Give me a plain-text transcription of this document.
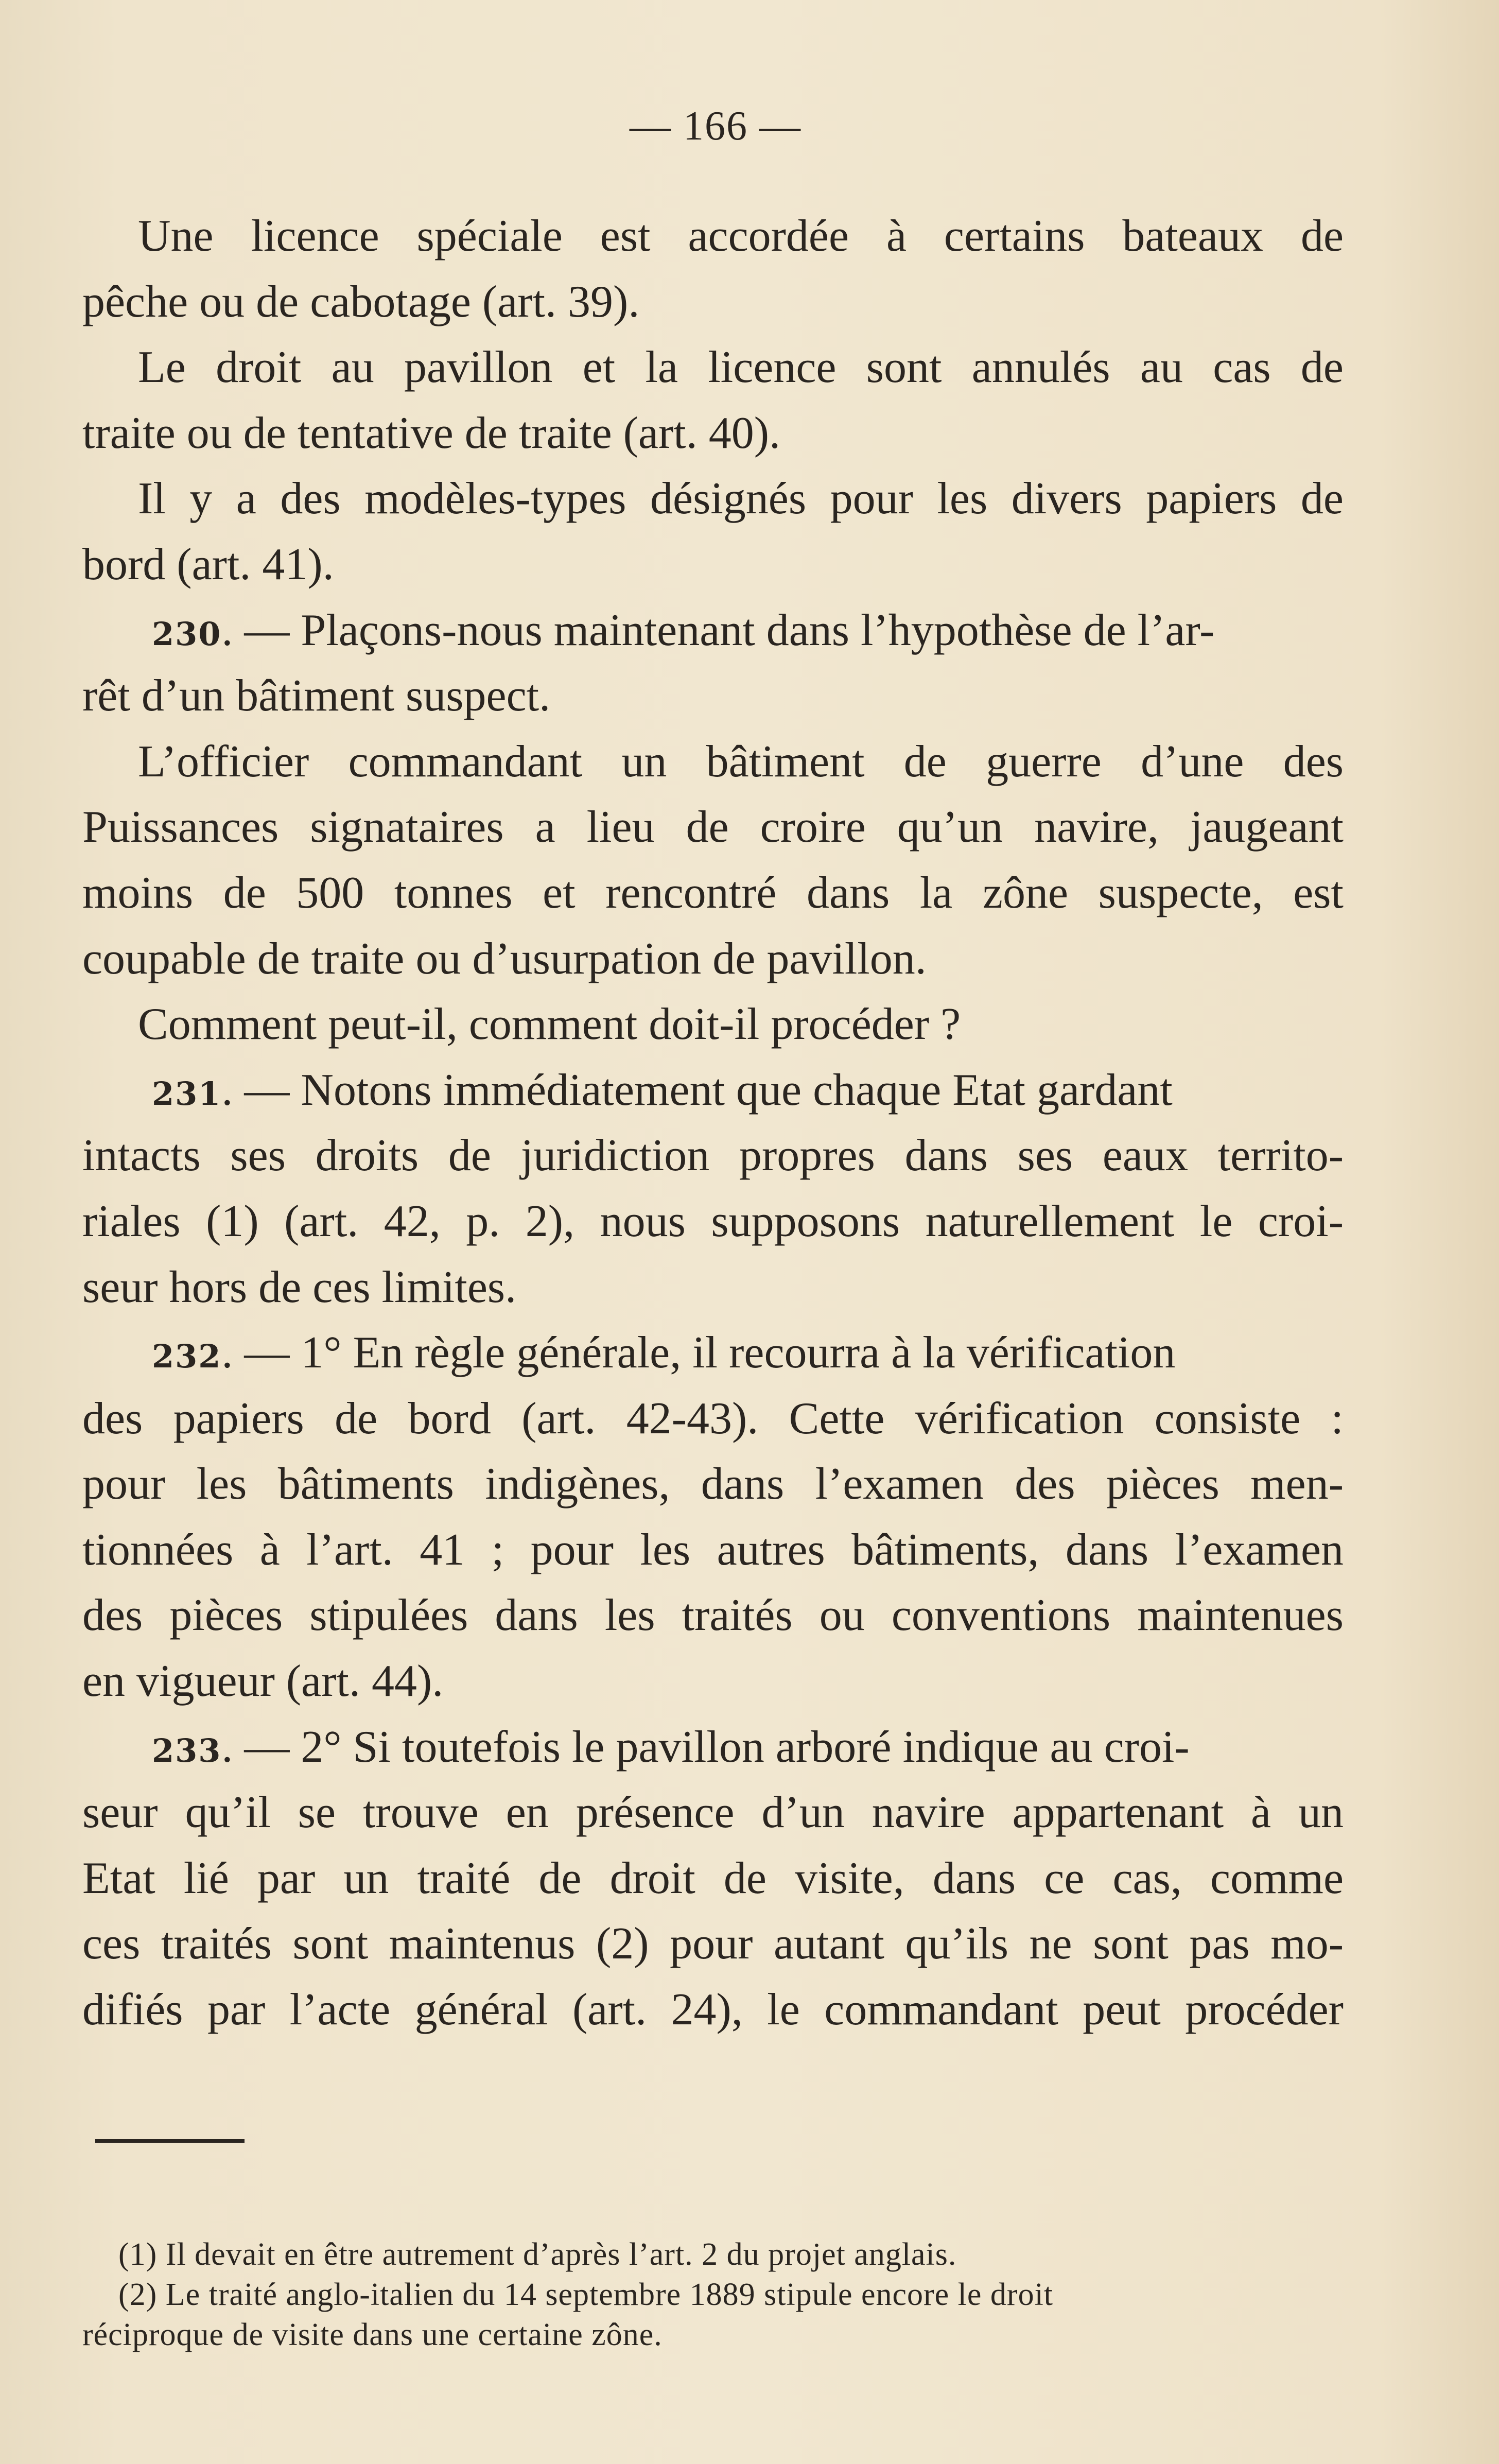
— 166 —
Une licence spéciale est accordée à certains bateaux de
pêche ou de cabotage (art. 39).
Le droit au pavillon et la licence sont annulés au cas de
traite ou de tentative de traite (art. 40).
Il y a des modèles-types désignés pour les divers papiers de
bord (art. 41).
230. — Plaçons-nous maintenant dans l’hypothèse de l’ar-
rêt d’un bâtiment suspect.
L’officier commandant un bâtiment de guerre d’une des
Puissances signataires a lieu de croire qu’un navire, jaugeant
moins de 500 tonnes et rencontré dans la zône suspecte, est
coupable de traite ou d’usurpation de pavillon.
Comment peut-il, comment doit-il procéder ?
231. — Notons immédiatement que chaque Etat gardant
intacts ses droits de juridiction propres dans ses eaux territo-
riales (1) (art. 42, p. 2), nous supposons naturellement le croi-
seur hors de ces limites.
232. — 1° En règle générale, il recourra à la vérification
des papiers de bord (art. 42-43). Cette vérification consiste :
pour les bâtiments indigènes, dans l’examen des pièces men-
tionnées à l’art. 41 ; pour les autres bâtiments, dans l’examen
des pièces stipulées dans les traités ou conventions maintenues
en vigueur (art. 44).
233. — 2° Si toutefois le pavillon arboré indique au croi-
seur qu’il se trouve en présence d’un navire appartenant à un
Etat lié par un traité de droit de visite, dans ce cas, comme
ces traités sont maintenus (2) pour autant qu’ils ne sont pas mo-
difiés par l’acte général (art. 24), le commandant peut procéder
(1) Il devait en être autrement d’après l’art. 2 du projet anglais.
(2) Le traité anglo-italien du 14 septembre 1889 stipule encore le droit
réciproque de visite dans une certaine zône.
